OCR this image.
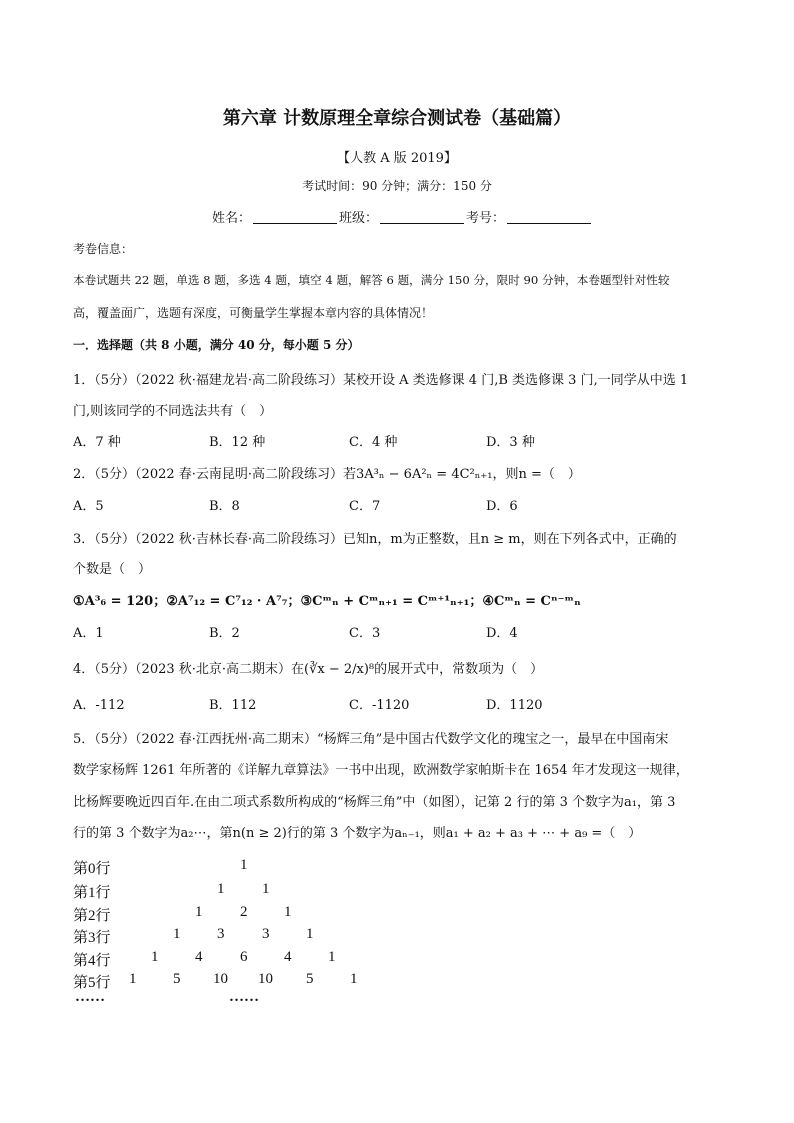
第六章 计数原理全章综合测试卷（基础篇）
【人教 A 版 2019】
考试时间：90 分钟；满分：150 分
姓名：	班级：	考号：
考卷信息：
本卷试题共 22 题，单选 8 题，多选 4 题，填空 4 题，解答 6 题，满分 150 分，限时 90 分钟，本卷题型针对性较
高，覆盖面广，选题有深度，可衡量学生掌握本章内容的具体情况！
一．选择题（共 8 小题，满分 40 分，每小题 5 分）
1．（5分）（2022 秋·福建龙岩·高二阶段练习）某校开设 A 类选修课 4 门,B 类选修课 3 门,一同学从中选 1
门,则该同学的不同选法共有（　）
A．7 种	B．12 种	C．4 种	D．3 种
2．（5分）（2022 春·云南昆明·高二阶段练习）若3A³ₙ − 6A²ₙ = 4C²ₙ₊₁，则n =（　）
A．5	B．8	C．7	D．6
3．（5分）（2022 秋·吉林长春·高二阶段练习）已知n，m为正整数，且n ≥ m，则在下列各式中，正确的
个数是（　）
①A³₆ = 120；②A⁷₁₂ = C⁷₁₂ · A⁷₇；③Cᵐₙ + Cᵐₙ₊₁ = Cᵐ⁺¹ₙ₊₁；④Cᵐₙ = Cⁿ⁻ᵐₙ
A．1	B．2	C．3	D．4
4．（5分）（2023 秋·北京·高二期末）在(∛x − 2/x)⁸的展开式中，常数项为（　）
A．-112	B．112	C．-1120	D．1120
5．（5分）（2022 春·江西抚州·高二期末）“杨辉三角”是中国古代数学文化的瑰宝之一，最早在中国南宋
数学家杨辉 1261 年所著的《详解九章算法》一书中出现，欧洲数学家帕斯卡在 1654 年才发现这一规律，
比杨辉要晚近四百年.在由二项式系数所构成的“杨辉三角”中（如图），记第 2 行的第 3 个数字为a₁，第 3
行的第 3 个数字为a₂⋯，第n(n ≥ 2)行的第 3 个数字为aₙ₋₁，则a₁ + a₂ + a₃ + ⋯ + a₉ =（　）
第0行	1
第1行	1	1
第2行	1	2 1
第3行	1 3	3 1
第4行	1 4	6 4 1
第5行 1 5 10 10 5 1
……	……
